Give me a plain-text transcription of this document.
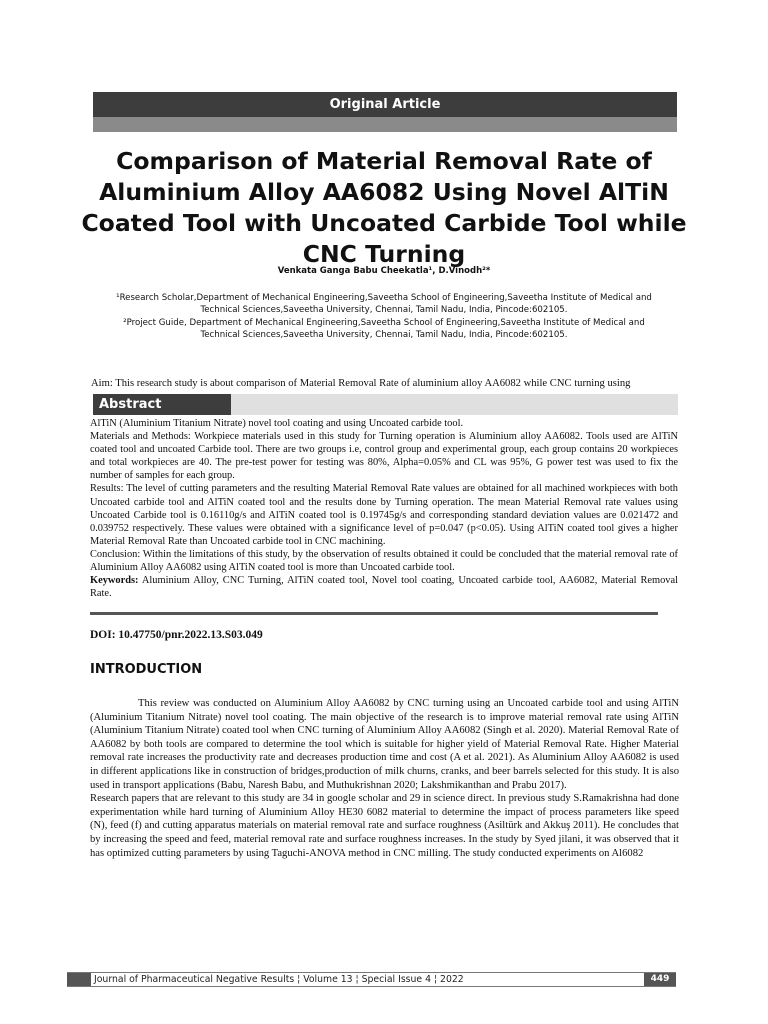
Original Article
Comparison of Material Removal Rate of Aluminium Alloy AA6082 Using Novel AlTiN Coated Tool with Uncoated Carbide Tool while CNC Turning
Venkata Ganga Babu Cheekatla¹, D.Vinodh²*
¹Research Scholar,Department of Mechanical Engineering,Saveetha School of Engineering,Saveetha Institute of Medical and
Technical Sciences,Saveetha University, Chennai, Tamil Nadu, India, Pincode:602105.
²Project Guide, Department of Mechanical Engineering,Saveetha School of Engineering,Saveetha Institute of Medical and
Technical Sciences,Saveetha University, Chennai, Tamil Nadu, India, Pincode:602105.
Aim: This research study is about comparison of Material Removal Rate of aluminium alloy AA6082 while CNC turning using
Abstract

AlTiN (Aluminium Titanium Nitrate) novel tool coating and using Uncoated carbide tool.

Materials and Methods: Workpiece materials used in this study for Turning operation is Aluminium alloy AA6082. Tools used are AlTiN coated tool and uncoated Carbide tool. There are two groups i.e, control group and experimental group, each group contains 20 workpieces and total workpieces are 40. The pre-test power for testing was 80%, Alpha=0.05% and CL was 95%, G power test was used to fix the number of samples for each group.

Results: The level of cutting parameters and the resulting Material Removal Rate values are obtained for all machined workpieces with both Uncoated carbide tool and AlTiN coated tool and the results done by Turning operation. The mean Material Removal rate values using Uncoated Carbide tool is 0.16110g/s and AlTiN coated tool is 0.19745g/s and corresponding standard deviation values are 0.021472 and 0.039752 respectively. These values were obtained with a significance level of p=0.047 (p<0.05). Using AlTiN coated tool gives a higher Material Removal Rate than Uncoated carbide tool in CNC machining.

Conclusion: Within the limitations of this study, by the observation of results obtained it could be concluded that the material removal rate of Aluminium Alloy AA6082 using AlTiN coated tool is more than Uncoated carbide tool.

Keywords: Aluminium Alloy, CNC Turning, AlTiN coated tool, Novel tool coating, Uncoated carbide tool, AA6082, Material Removal Rate.

DOI: 10.47750/pnr.2022.13.S03.049
INTRODUCTION

This review was conducted on Aluminium Alloy AA6082 by CNC turning using an Uncoated carbide tool and using AlTiN (Aluminium Titanium Nitrate) novel tool coating. The main objective of the research is to improve material removal rate using AlTiN (Aluminium Titanium Nitrate) coated tool when CNC turning of Aluminium Alloy AA6082 (Singh et al. 2020). Material Removal Rate of AA6082 by both tools are compared to determine the tool which is suitable for higher yield of Material Removal Rate. Higher Material removal rate increases the productivity rate and decreases production time and cost (A et al. 2021). As Aluminium Alloy AA6082 is used in different applications like in construction of bridges,production of milk churns, cranks, and beer barrels selected for this study. It is also used in transport applications (Babu, Naresh Babu, and Muthukrishnan 2020; Lakshmikanthan and Prabu 2017).

Research papers that are relevant to this study are 34 in google scholar and 29 in science direct. In previous study S.Ramakrishna had done experimentation while hard turning of Aluminium Alloy HE30 6082 material to determine the impact of process parameters like speed (N), feed (f) and cutting apparatus materials on material removal rate and surface roughness (Asiltürk and Akkuş 2011). He concludes that by increasing the speed and feed, material removal rate and surface roughness increases. In the study by Syed jilani, it was observed that it has optimized cutting parameters by using Taguchi-ANOVA method in CNC milling. The study conducted experiments on Al6082

Journal of Pharmaceutical Negative Results ¦ Volume 13 ¦ Special Issue 4 ¦ 2022	449
